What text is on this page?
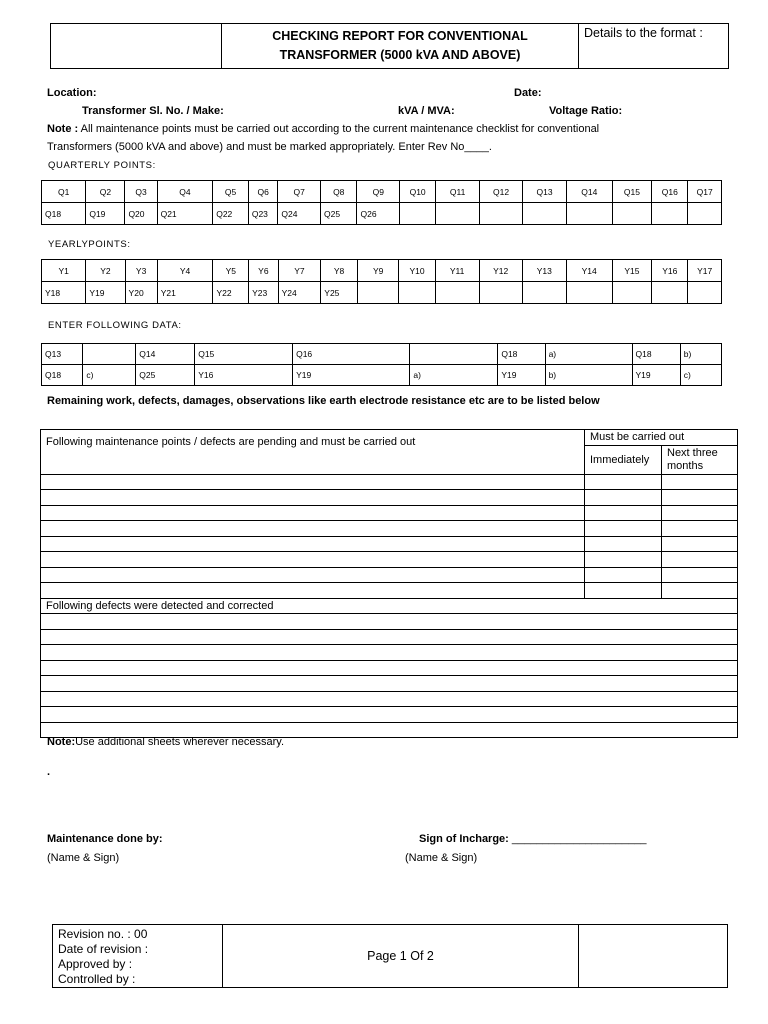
CHECKING REPORT FOR CONVENTIONAL
TRANSFORMER (5000 kVA AND ABOVE)
	Details to the format :
Location:	Date:
Transformer Sl. No. / Make:	kVA / MVA:	Voltage Ratio:
Note : All maintenance points must be carried out according to the current maintenance checklist for conventional
Transformers (5000 kVA and above) and must be marked appropriately. Enter Rev No____.
QUARTERLY POINTS:
Q1	Q2	Q3	Q4	Q5	Q6	Q7	Q8	Q9	Q10	Q11	Q12	Q13	Q14	Q15	Q16	Q17
Q18	Q19	Q20	Q21	Q22	Q23	Q24	Q25	Q26								
YEARLYPOINTS:
Y1	Y2	Y3	Y4	Y5	Y6	Y7	Y8	Y9	Y10	Y11	Y12	Y13	Y14	Y15	Y16	Y17
Y18	Y19	Y20	Y21	Y22	Y23	Y24	Y25									
ENTER FOLLOWING DATA:
Q13		Q14	Q15	Q16		Q18	a)	Q18	b)
Q18	c)	Q25	Y16	Y19	a)	Y19	b)	Y19	c)
Remaining work, defects, damages, observations like earth electrode resistance etc are to be listed below
Following maintenance points / defects are pending and must be carried out	Must be carried out	
	Immediately	Next three
months

Following defects were detected and corrected		

Note:Use additional sheets wherever necessary.
.
Maintenance done by:
(Name & Sign)
Sign of Incharge: ______________________
(Name & Sign)
Revision no. : 00
Date of revision :
Approved by :
Controlled by :
	Page 1 Of 2	
